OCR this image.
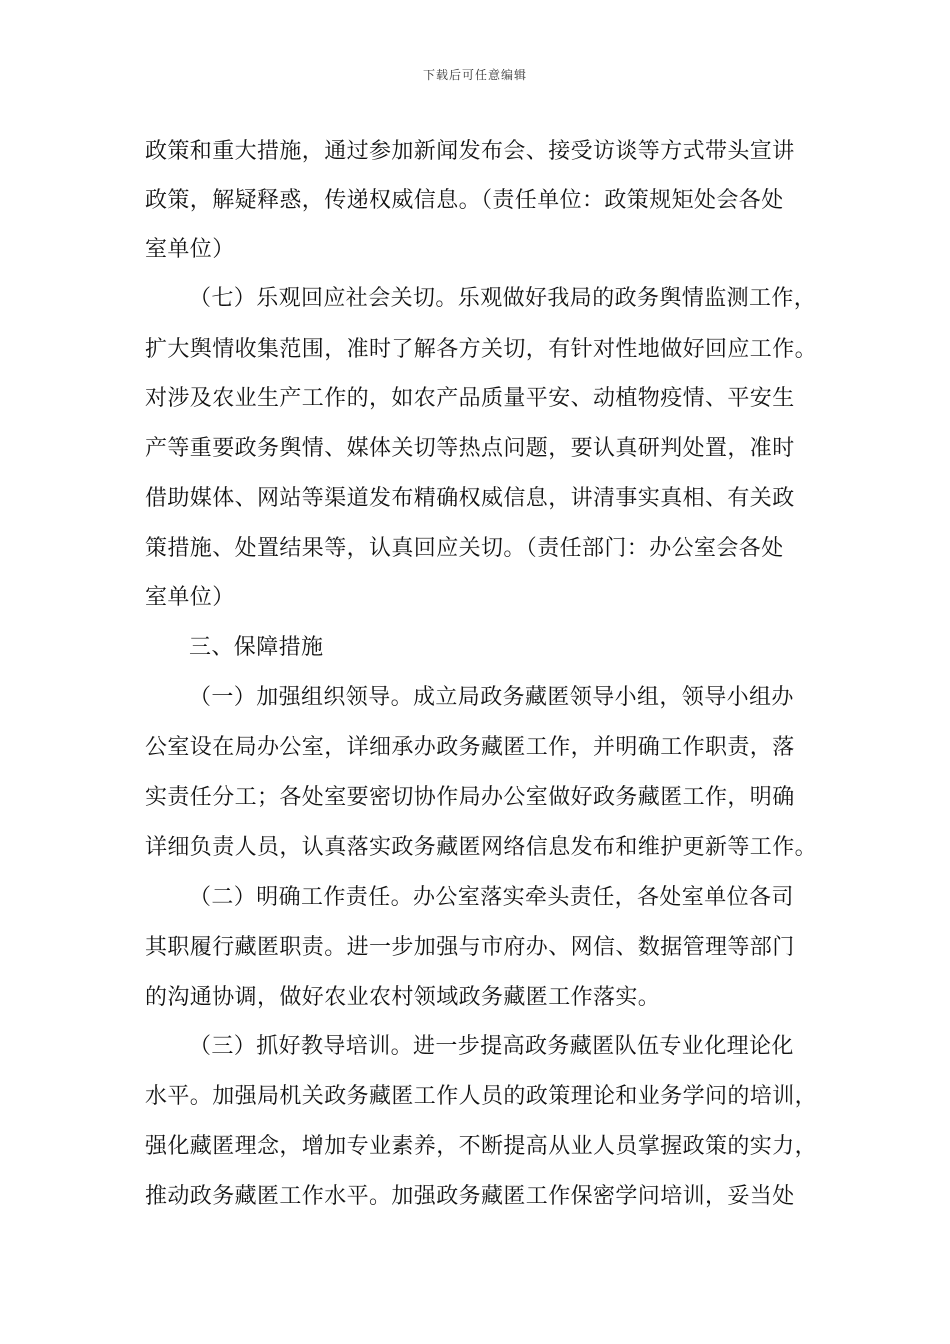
下载后可任意编辑
政策和重大措施，通过参加新闻发布会、接受访谈等方式带头宣讲
政策，解疑释惑，传递权威信息。（责任单位：政策规矩处会各处
室单位）
（七）乐观回应社会关切。乐观做好我局的政务舆情监测工作，
扩大舆情收集范围，准时了解各方关切，有针对性地做好回应工作。
对涉及农业生产工作的，如农产品质量平安、动植物疫情、平安生
产等重要政务舆情、媒体关切等热点问题，要认真研判处置，准时
借助媒体、网站等渠道发布精确权威信息，讲清事实真相、有关政
策措施、处置结果等，认真回应关切。（责任部门：办公室会各处
室单位）
三、保障措施
（一）加强组织领导。成立局政务藏匿领导小组，领导小组办
公室设在局办公室，详细承办政务藏匿工作，并明确工作职责，落
实责任分工；各处室要密切协作局办公室做好政务藏匿工作，明确
详细负责人员，认真落实政务藏匿网络信息发布和维护更新等工作。
（二）明确工作责任。办公室落实牵头责任，各处室单位各司
其职履行藏匿职责。进一步加强与市府办、网信、数据管理等部门
的沟通协调，做好农业农村领域政务藏匿工作落实。
（三）抓好教导培训。进一步提高政务藏匿队伍专业化理论化
水平。加强局机关政务藏匿工作人员的政策理论和业务学问的培训，
强化藏匿理念，增加专业素养，不断提高从业人员掌握政策的实力，
推动政务藏匿工作水平。加强政务藏匿工作保密学问培训，妥当处
